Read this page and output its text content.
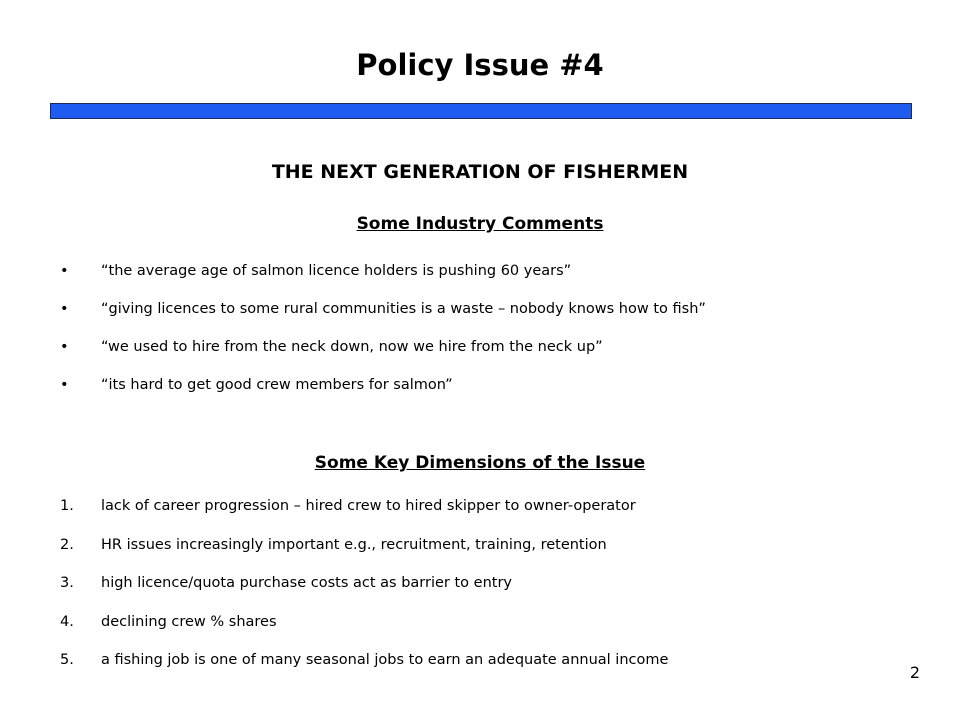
Policy Issue #4
THE NEXT GENERATION OF FISHERMEN
Some Industry Comments
• “the average age of salmon licence holders is pushing 60 years”
• “giving licences to some rural communities is a waste – nobody knows how to fish”
• “we used to hire from the neck down, now we hire from the neck up”
• “its hard to get good crew members for salmon”
Some Key Dimensions of the Issue
1. lack of career progression – hired crew to hired skipper to owner-operator
2. HR issues increasingly important e.g., recruitment, training, retention
3. high licence/quota purchase costs act as barrier to entry
4. declining crew % shares
5. a fishing job is one of many seasonal jobs to earn an adequate annual income
2
